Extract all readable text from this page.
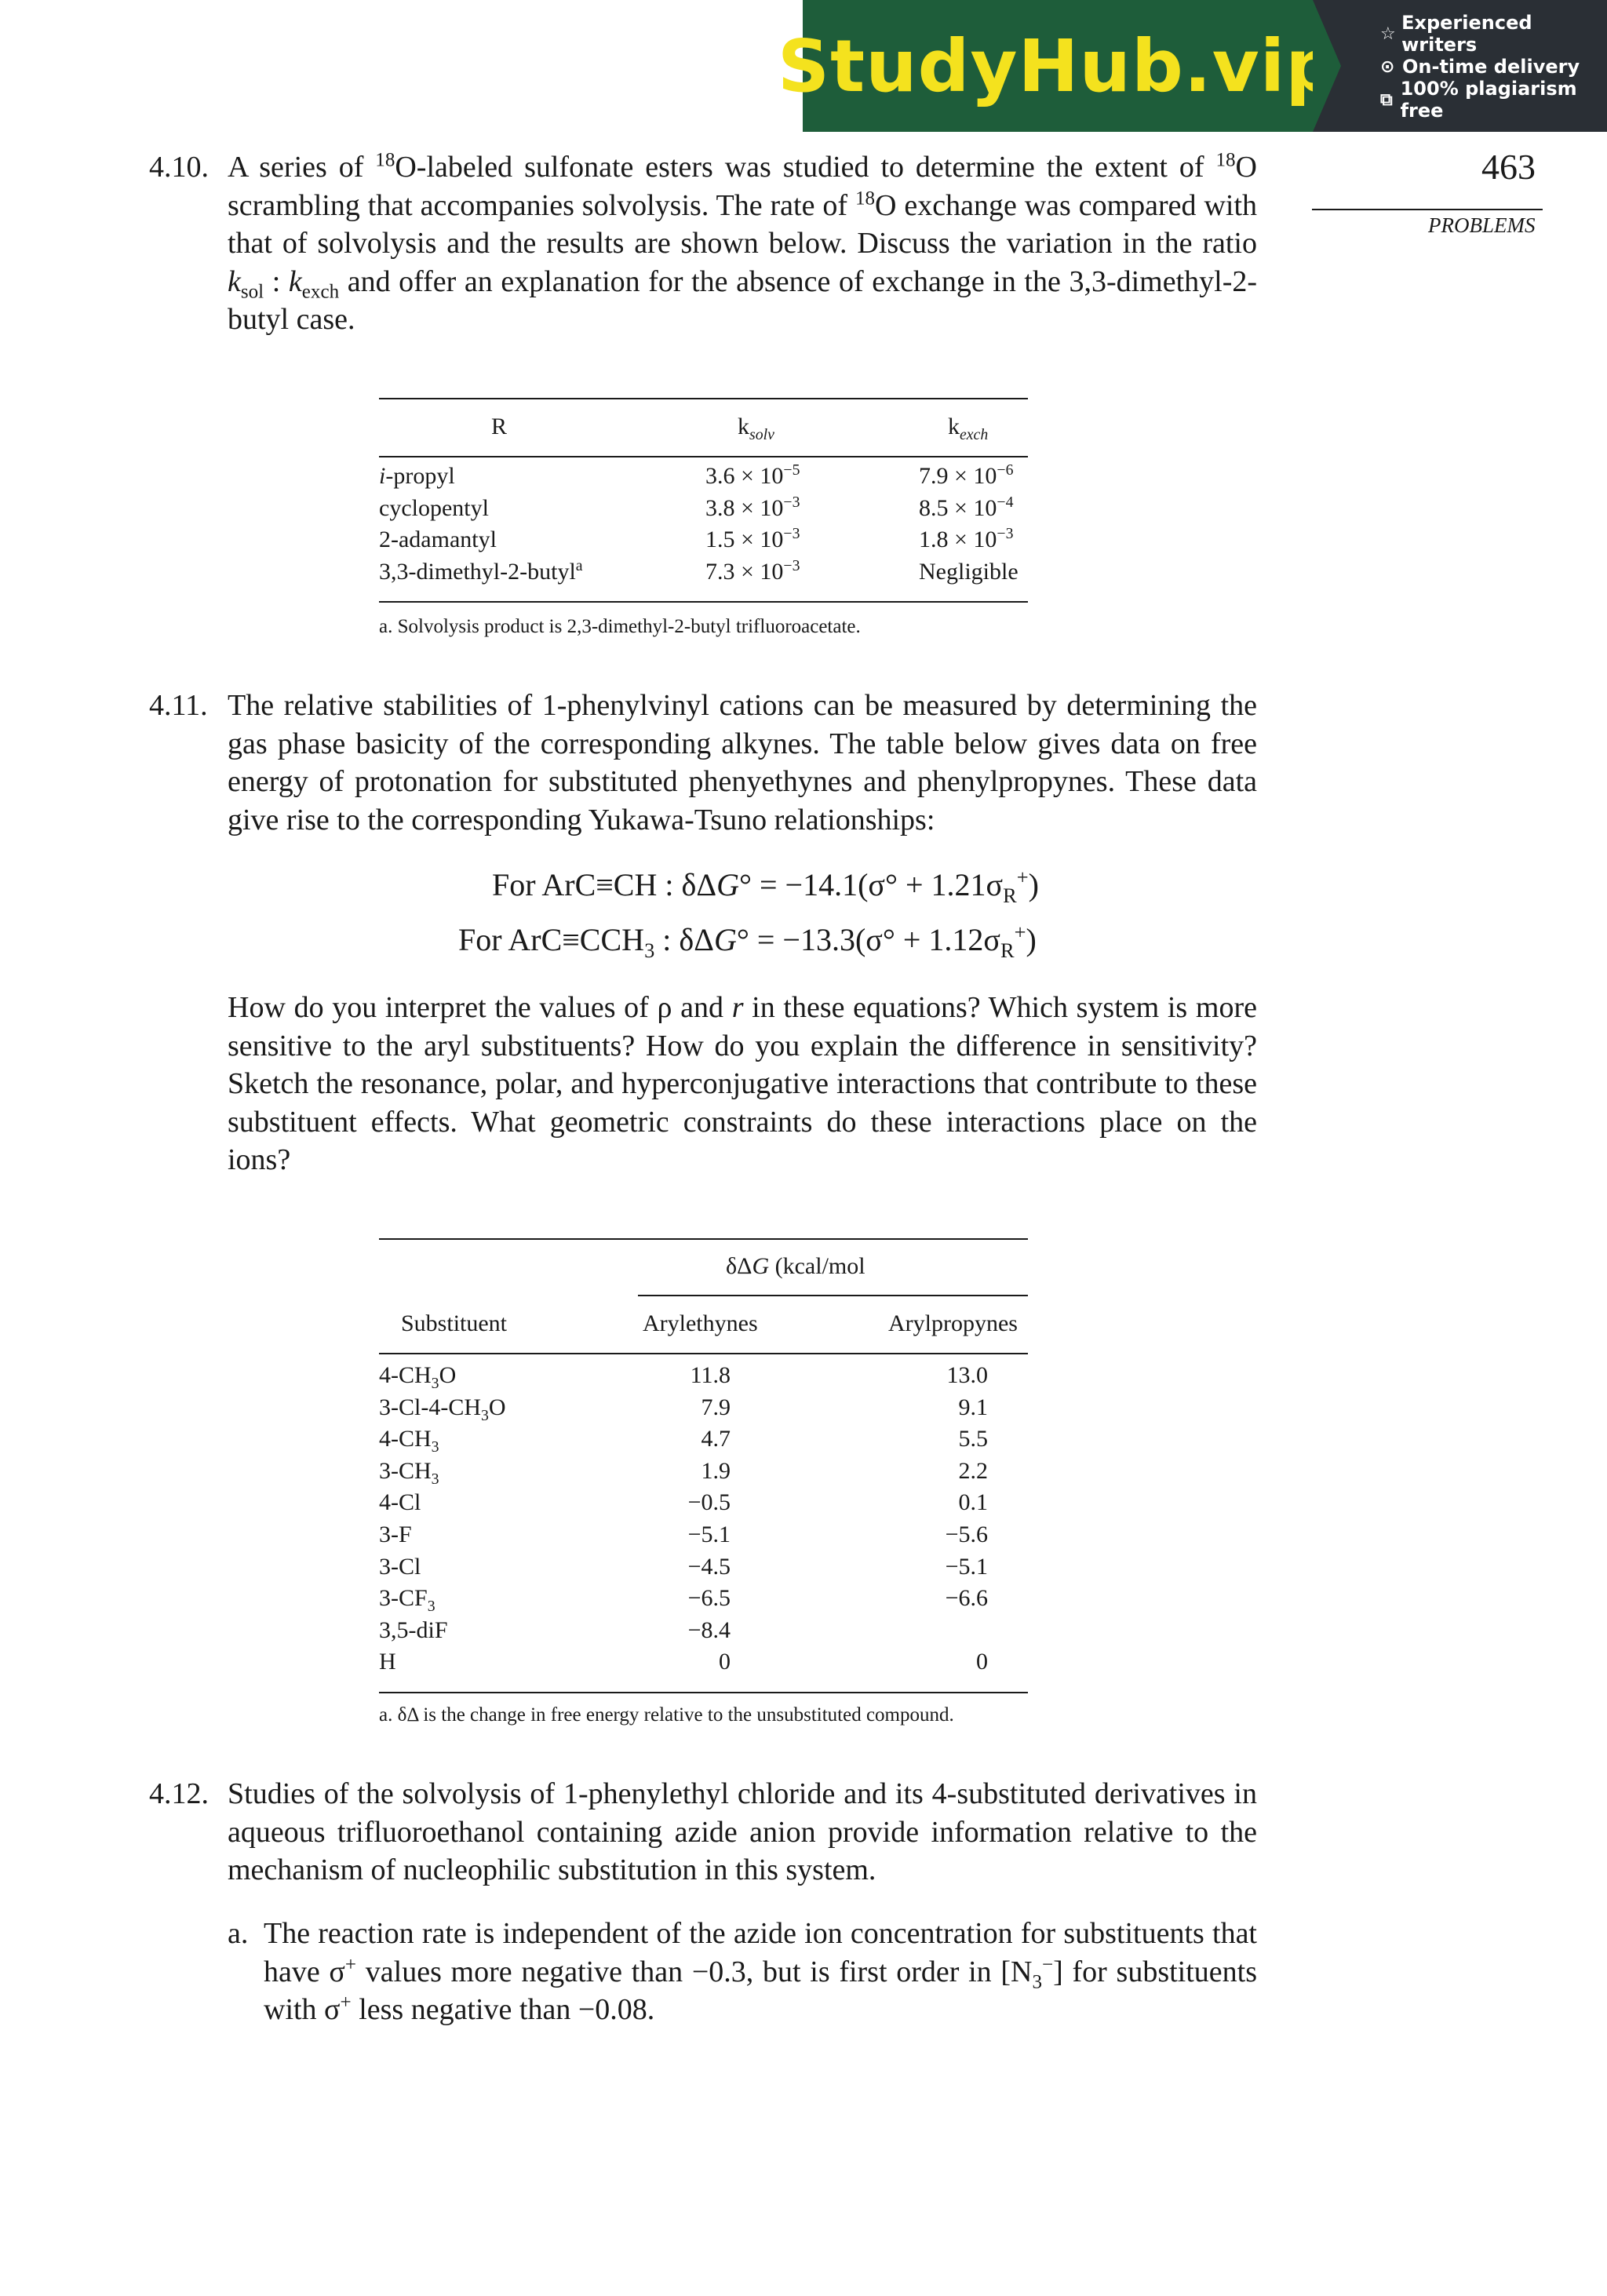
StudyHub.vip ☆ Experienced writers
⊙ On-time delivery
⧉ 100% plagiarism free
463
PROBLEMS
4.10. A series of $^{18}$O-labeled sulfonate esters was studied to determine the extent of $^{18}$O scrambling that accompanies solvolysis. The rate of $^{18}$O exchange was compared with that of solvolysis and the results are shown below. Discuss the variation in the ratio $k_{sol}$ : $k_{exch}$ and offer an explanation for the absence of exchange in the 3,3-dimethyl-2-butyl case.
R	$k_{solv}$	$k_{exch}$
i-propyl	$3.6 \times 10^{-5}$	$7.9 \times 10^{-6}$
cyclopentyl	$3.8 \times 10^{-3}$	$8.5 \times 10^{-4}$
2-adamantyl	$1.5 \times 10^{-3}$	$1.8 \times 10^{-3}$
3,3-dimethyl-2-butyl$^a$	$7.3 \times 10^{-3}$	Negligible
a. Solvolysis product is 2,3-dimethyl-2-butyl trifluoroacetate.
4.11. The relative stabilities of 1-phenylvinyl cations can be measured by determining the gas phase basicity of the corresponding alkynes. The table below gives data on free energy of protonation for substituted phenyethynes and phenylpropynes. These data give rise to the corresponding Yukawa-Tsuno relationships:
For ArC≡CH : $\delta\Delta G^\circ = -14.1(\sigma^\circ + 1.21\sigma_R^+)$
For $ArC\equiv CCH_3$ : $\delta\Delta G^\circ = -13.3(\sigma^\circ + 1.12\sigma_R^+)$
How do you interpret the values of ρ and r in these equations? Which system is more sensitive to the aryl substituents? How do you explain the difference in sensitivity? Sketch the resonance, polar, and hyperconjugative interactions that contribute to these substituent effects. What geometric constraints do these interactions place on the ions?
δΔG (kcal/mol
Substituent	Arylethynes	Arylpropynes
$4-CH_3O$	11.8	13.0
$3-Cl-4-CH_3O$	7.9	9.1
$4-CH_3$	4.7	5.5
$3-CH_3$	1.9	2.2
4-Cl	−0.5	0.1
3-F	−5.1	−5.6
3-Cl	−4.5	−5.1
$3-CF_3$	−6.5	−6.6
3,5-diF	−8.4
H	0	0
a. δΔ is the change in free energy relative to the unsubstituted compound.
4.12. Studies of the solvolysis of 1-phenylethyl chloride and its 4-substituted derivatives in aqueous trifluoroethanol containing azide anion provide information relative to the mechanism of nucleophilic substitution in this system.
a. The reaction rate is independent of the azide ion concentration for substituents that have σ+ values more negative than −0.3, but is first order in $[N_3^-]$ for substituents with σ+ less negative than −0.08.
